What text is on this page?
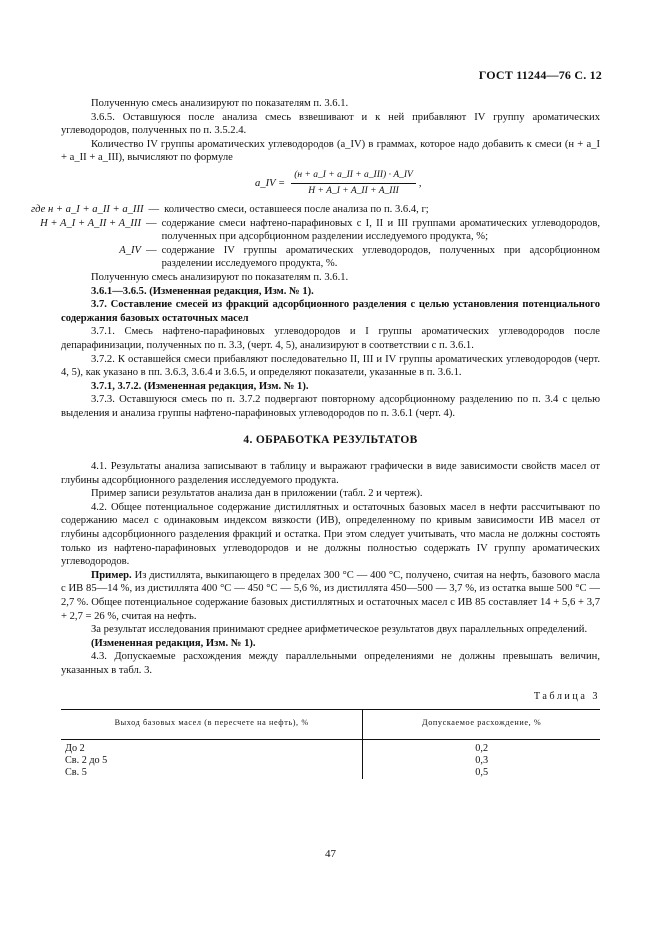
ГОСТ 11244—76 С. 12

Полученную смесь анализируют по показателям п. 3.6.1.

3.6.5. Оставшуюся после анализа смесь взвешивают и к ней прибавляют IV группу ароматических углеводородов, полученных по п. 3.5.2.4.

Количество IV группы ароматических углеводородов (a_IV) в граммах, которое надо добавить к смеси (н + a_I + a_II + a_III), вычисляют по формуле

a_IV = $\frac{\text{(н + a\_I + a\_II + a\_III) · A\_IV}}{\text{H + A\_I + A\_II + A\_III}}$ ,
где н + a_I + a_II + a_III — количество смеси, оставшееся после анализа по п. 3.6.4, г;
H + A_I + A_II + A_III — содержание смеси нафтено-парафиновых с I, II и III группами ароматических углеводородов, полученных при адсорбционном разделении исследуемого продукта, %;
A_IV — содержание IV группы ароматических углеводородов, полученных при адсорбционном разделении исследуемого продукта, %.

Полученную смесь анализируют по показателям п. 3.6.1.

3.6.1—3.6.5. (Измененная редакция, Изм. № 1).

3.7. Составление смесей из фракций адсорбционного разделения с целью установления потенциального содержания базовых остаточных масел

3.7.1. Смесь нафтено-парафиновых углеводородов и I группы ароматических углеводородов после депарафинизации, полученных по п. 3.3, (черт. 4, 5), анализируют в соответствии с п. 3.6.1.

3.7.2. К оставшейся смеси прибавляют последовательно II, III и IV группы ароматических углеводородов (черт. 4, 5), как указано в пп. 3.6.3, 3.6.4 и 3.6.5, и определяют показатели, указанные в п. 3.6.1.

3.7.1, 3.7.2. (Измененная редакция, Изм. № 1).

3.7.3. Оставшуюся смесь по п. 3.7.2 подвергают повторному адсорбционному разделению по п. 3.4 с целью выделения и анализа группы нафтено-парафиновых углеводородов по п. 3.6.1 (черт. 4).

4. ОБРАБОТКА РЕЗУЛЬТАТОВ

4.1. Результаты анализа записывают в таблицу и выражают графически в виде зависимости свойств масел от глубины адсорбционного разделения исследуемого продукта.

Пример записи результатов анализа дан в приложении (табл. 2 и чертеж).

4.2. Общее потенциальное содержание дистиллятных и остаточных базовых масел в нефти рассчитывают по содержанию масел с одинаковым индексом вязкости (ИВ), определенному по кривым зависимости ИВ масел от глубины адсорбционного разделения фракций и остатка. При этом следует учитывать, что масла не должны состоять только из нафтено-парафиновых углеводородов и не должны полностью содержать IV группу ароматических углеводородов.

Пример. Из дистиллята, выкипающего в пределах 300 °С — 400 °С, получено, считая на нефть, базового масла с ИВ 85—14 %, из дистиллята 400 °С — 450 °С — 5,6 %, из дистиллята 450—500 — 3,7 %, из остатка выше 500 °С — 2,7 %. Общее потенциальное содержание базовых дистиллятных и остаточных масел с ИВ 85 составляет 14 + 5,6 + 3,7 + 2,7 = 26 %, считая на нефть.

За результат исследования принимают среднее арифметическое результатов двух параллельных определений.

(Измененная редакция, Изм. № 1).

4.3. Допускаемые расхождения между параллельными определениями не должны превышать величин, указанных в табл. 3.

Таблица 3
Выход базовых масел (в пересчете на нефть), %	Допускаемое расхождение, %
До 2	0,2
Св. 2 до 5	0,3
Св. 5	0,5
47
